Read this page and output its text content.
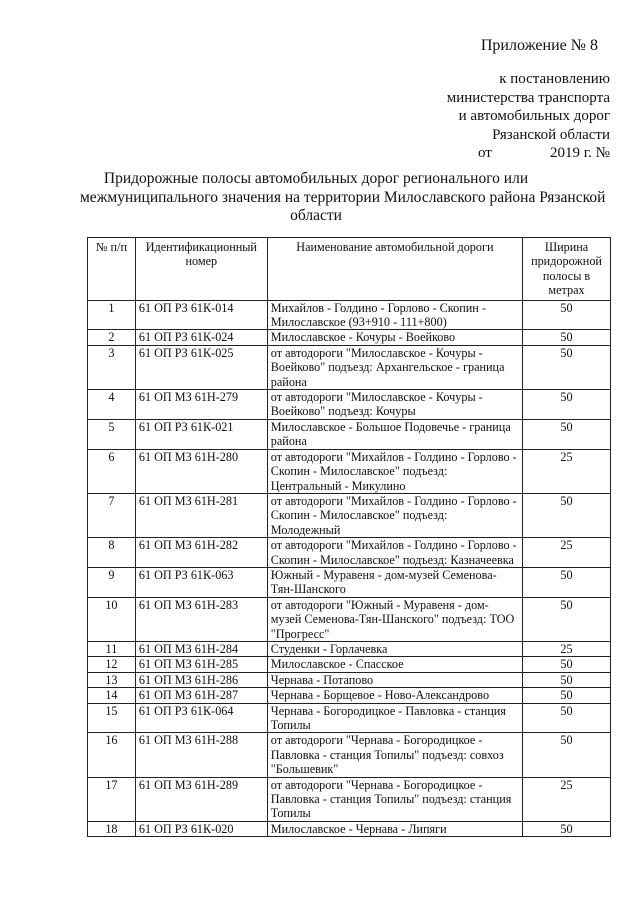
Приложение № 8
к постановлению
министерства транспорта
и автомобильных дорог
Рязанской области
от	2019 г. №
Придорожные полосы автомобильных дорог регионального или
межмуниципального значения на территории Милославского района Рязанской
области
№ п/п	Идентификационный номер	Наименование автомобильной дороги	Ширина придорожной полосы в метрах
1	61 ОП РЗ 61К-014	Михайлов - Голдино - Горлово - Скопин - Милославское (93+910 - 111+800)	50
2	61 ОП РЗ 61К-024	Милославское - Кочуры - Воейково	50
3	61 ОП РЗ 61К-025	от автодороги "Милославское - Кочуры - Воейково" подъезд: Архангельское - граница района	50
4	61 ОП МЗ 61Н-279	от автодороги "Милославское - Кочуры - Воейково" подъезд: Кочуры	50
5	61 ОП РЗ 61К-021	Милославское - Большое Подовечье - граница района	50
6	61 ОП МЗ 61Н-280	от автодороги "Михайлов - Голдино - Горлово - Скопин - Милославское" подъезд: Центральный - Микулино	25
7	61 ОП МЗ 61Н-281	от автодороги "Михайлов - Голдино - Горлово - Скопин - Милославское" подъезд: Молодежный	50
8	61 ОП МЗ 61Н-282	от автодороги "Михайлов - Голдино - Горлово - Скопин - Милославское" подъезд: Казначеевка	25
9	61 ОП РЗ 61К-063	Южный - Муравеня - дом-музей Семенова-Тян-Шанского	50
10	61 ОП МЗ 61Н-283	от автодороги "Южный - Муравеня - дом-музей Семенова-Тян-Шанского" подъезд: ТОО "Прогресс"	50
11	61 ОП МЗ 61Н-284	Студенки - Горлачевка	25
12	61 ОП МЗ 61Н-285	Милославское - Спасское	50
13	61 ОП МЗ 61Н-286	Чернава - Потапово	50
14	61 ОП МЗ 61Н-287	Чернава - Борщевое - Ново-Александрово	50
15	61 ОП РЗ 61К-064	Чернава - Богородицкое - Павловка - станция Топилы	50
16	61 ОП МЗ 61Н-288	от автодороги "Чернава - Богородицкое - Павловка - станция Топилы" подъезд: совхоз "Большевик"	50
17	61 ОП МЗ 61Н-289	от автодороги "Чернава - Богородицкое - Павловка - станция Топилы" подъезд: станция Топилы	25
18	61 ОП РЗ 61К-020	Милославское - Чернава - Липяги	50
